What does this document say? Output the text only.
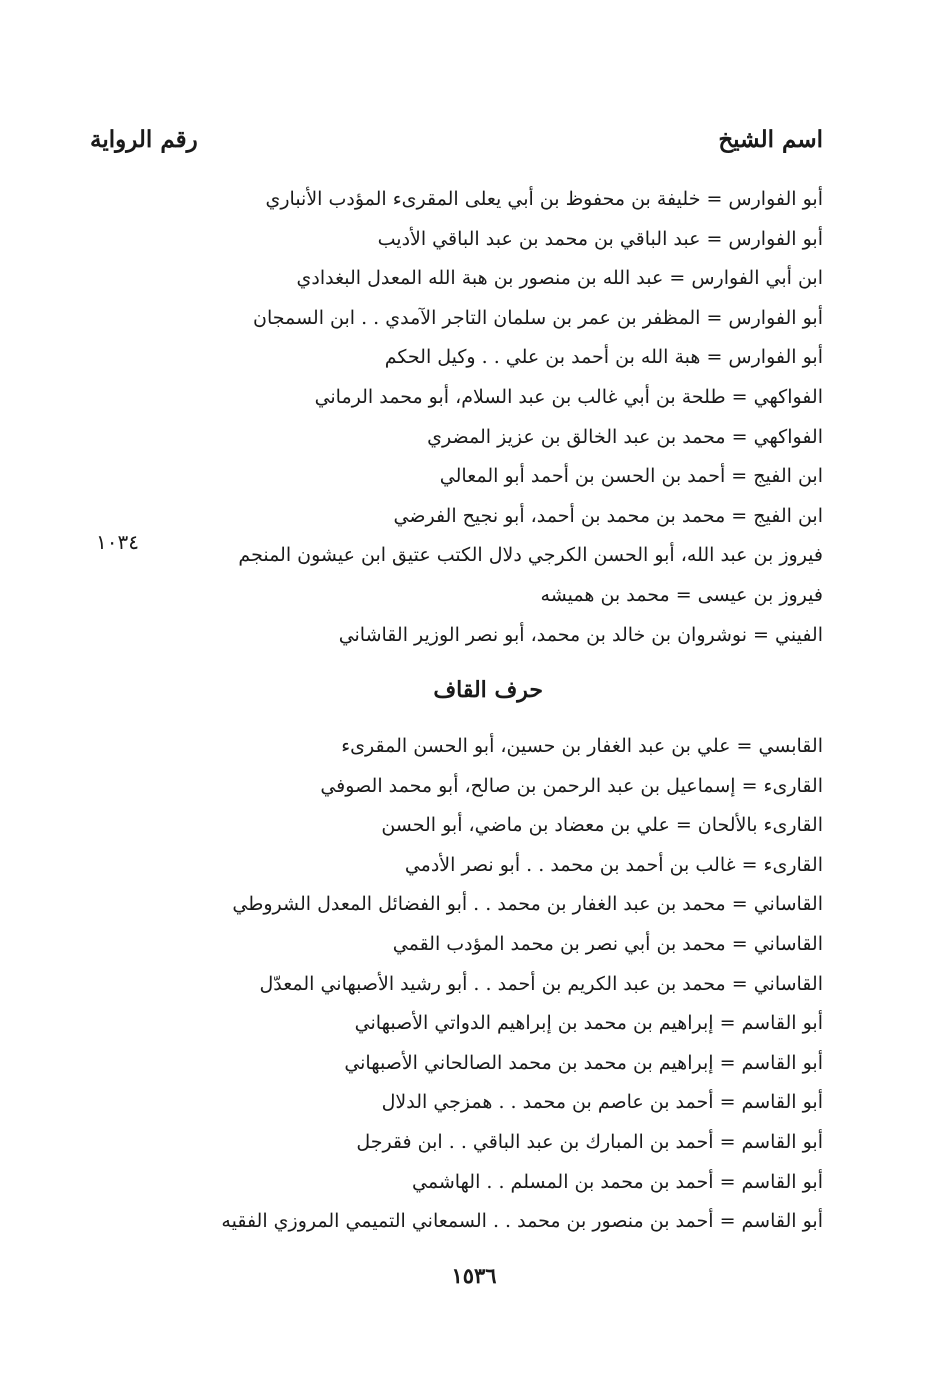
اسم الشيخ
رقم الرواية
أبو الفوارس = خليفة بن محفوظ بن أبي يعلى المقرىء المؤدب الأنباري
أبو الفوارس = عبد الباقي بن محمد بن عبد الباقي الأديب
ابن أبي الفوارس = عبد الله بن منصور بن هبة الله المعدل البغدادي
أبو الفوارس = المظفر بن عمر بن سلمان التاجر الآمدي . . ابن السمجان
أبو الفوارس = هبة الله بن أحمد بن علي . . وكيل الحكم
الفواكهي = طلحة بن أبي غالب بن عبد السلام، أبو محمد الرماني
الفواكهي = محمد بن عبد الخالق بن عزيز المضري
ابن الفيج = أحمد بن الحسن بن أحمد أبو المعالي
ابن الفيج = محمد بن محمد بن أحمد، أبو نجيح الفرضي
فيروز بن عبد الله، أبو الحسن الكرجي دلال الكتب عتيق ابن عيشون المنجم
فيروز بن عيسى = محمد بن هميشه
الفيني = نوشروان بن خالد بن محمد، أبو نصر الوزير القاشاني
١٠٣٤
حرف القاف
القابسي = علي بن عبد الغفار بن حسين، أبو الحسن المقرىء
القارىء = إسماعيل بن عبد الرحمن بن صالح، أبو محمد الصوفي
القارىء بالألحان = علي بن معضاد بن ماضي، أبو الحسن
القارىء = غالب بن أحمد بن محمد . . أبو نصر الأدمي
القاساني = محمد بن عبد الغفار بن محمد . . أبو الفضائل المعدل الشروطي
القاساني = محمد بن أبي نصر بن محمد المؤدب القمي
القاساني = محمد بن عبد الكريم بن أحمد . . أبو رشيد الأصبهاني المعدّل
أبو القاسم = إبراهيم بن محمد بن إبراهيم الدواتي الأصبهاني
أبو القاسم = إبراهيم بن محمد بن محمد الصالحاني الأصبهاني
أبو القاسم = أحمد بن عاصم بن محمد . . همزجي الدلال
أبو القاسم = أحمد بن المبارك بن عبد الباقي . . ابن فقرجل
أبو القاسم = أحمد بن محمد بن المسلم . . الهاشمي
أبو القاسم = أحمد بن منصور بن محمد . . السمعاني التميمي المروزي الفقيه
١٥٣٦
